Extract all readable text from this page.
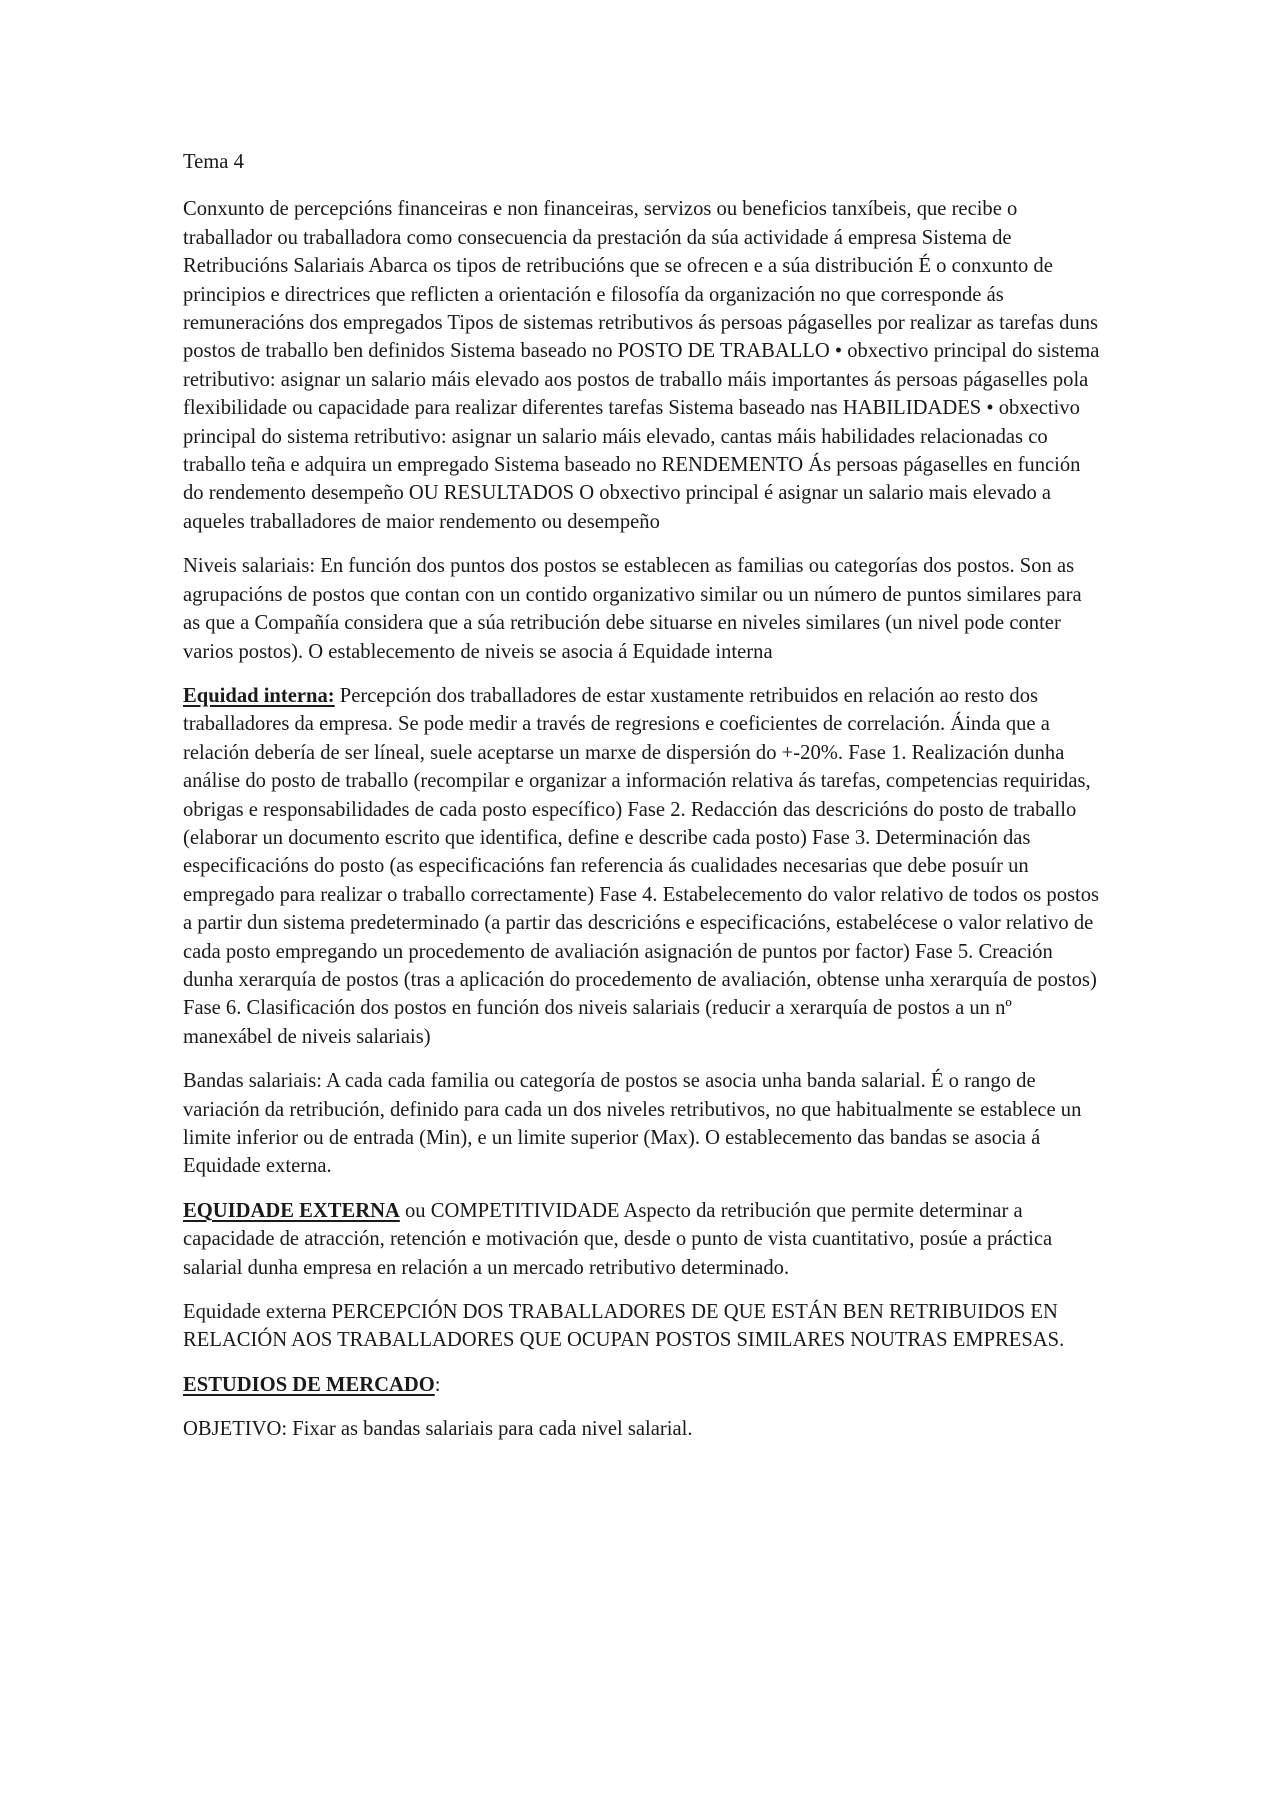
Tema 4

Conxunto de percepcións financeiras e non financeiras, servizos ou beneficios tanxíbeis, que recibe o traballador ou traballadora como consecuencia da prestación da súa actividade á empresa Sistema de Retribucións Salariais Abarca os tipos de retribucións que se ofrecen e a súa distribución É o conxunto de principios e directrices que reflicten a orientación e filosofía da organización no que corresponde ás remuneracións dos empregados Tipos de sistemas retributivos ás persoas págaselles por realizar as tarefas duns postos de traballo ben definidos Sistema baseado no POSTO DE TRABALLO • obxectivo principal do sistema retributivo: asignar un salario máis elevado aos postos de traballo máis importantes ás persoas págaselles pola flexibilidade ou capacidade para realizar diferentes tarefas Sistema baseado nas HABILIDADES • obxectivo principal do sistema retributivo: asignar un salario máis elevado, cantas máis habilidades relacionadas co traballo teña e adquira un empregado Sistema baseado no RENDEMENTO Ás persoas págaselles en función do rendemento desempeño OU RESULTADOS O obxectivo principal é asignar un salario mais elevado a aqueles traballadores de maior rendemento ou desempeño

Niveis salariais: En función dos puntos dos postos se establecen as familias ou categorías dos postos. Son as agrupacións de postos que contan con un contido organizativo similar ou un número de puntos similares para as que a Compañía considera que a súa retribución debe situarse en niveles similares (un nivel pode conter varios postos). O establecemento de niveis se asocia á Equidade interna

Equidad interna: Percepción dos traballadores de estar xustamente retribuidos en relación ao resto dos traballadores da empresa. Se pode medir a través de regresions e coeficientes de correlación. Áinda que a relación debería de ser líneal, suele aceptarse un marxe de dispersión do +-20%. Fase 1. Realización dunha análise do posto de traballo (recompilar e organizar a información relativa ás tarefas, competencias requiridas, obrigas e responsabilidades de cada posto específico) Fase 2. Redacción das descricións do posto de traballo (elaborar un documento escrito que identifica, define e describe cada posto) Fase 3. Determinación das especificacións do posto (as especificacións fan referencia ás cualidades necesarias que debe posuír un empregado para realizar o traballo correctamente) Fase 4. Estabelecemento do valor relativo de todos os postos a partir dun sistema predeterminado (a partir das descricións e especificacións, estabelécese o valor relativo de cada posto empregando un procedemento de avaliación asignación de puntos por factor) Fase 5. Creación dunha xerarquía de postos (tras a aplicación do procedemento de avaliación, obtense unha xerarquía de postos) Fase 6. Clasificación dos postos en función dos niveis salariais (reducir a xerarquía de postos a un nº manexábel de niveis salariais)

Bandas salariais: A cada cada familia ou categoría de postos se asocia unha banda salarial. É o rango de variación da retribución, definido para cada un dos niveles retributivos, no que habitualmente se establece un limite inferior ou de entrada (Min), e un limite superior (Max). O establecemento das bandas se asocia á Equidade externa.

EQUIDADE EXTERNA ou COMPETITIVIDADE Aspecto da retribución que permite determinar a capacidade de atracción, retención e motivación que, desde o punto de vista cuantitativo, posúe a práctica salarial dunha empresa en relación a un mercado retributivo determinado.

Equidade externa PERCEPCIÓN DOS TRABALLADORES DE QUE ESTÁN BEN RETRIBUIDOS EN RELACIÓN AOS TRABALLADORES QUE OCUPAN POSTOS SIMILARES NOUTRAS EMPRESAS.

ESTUDIOS DE MERCADO:

OBJETIVO: Fixar as bandas salariais para cada nivel salarial.
